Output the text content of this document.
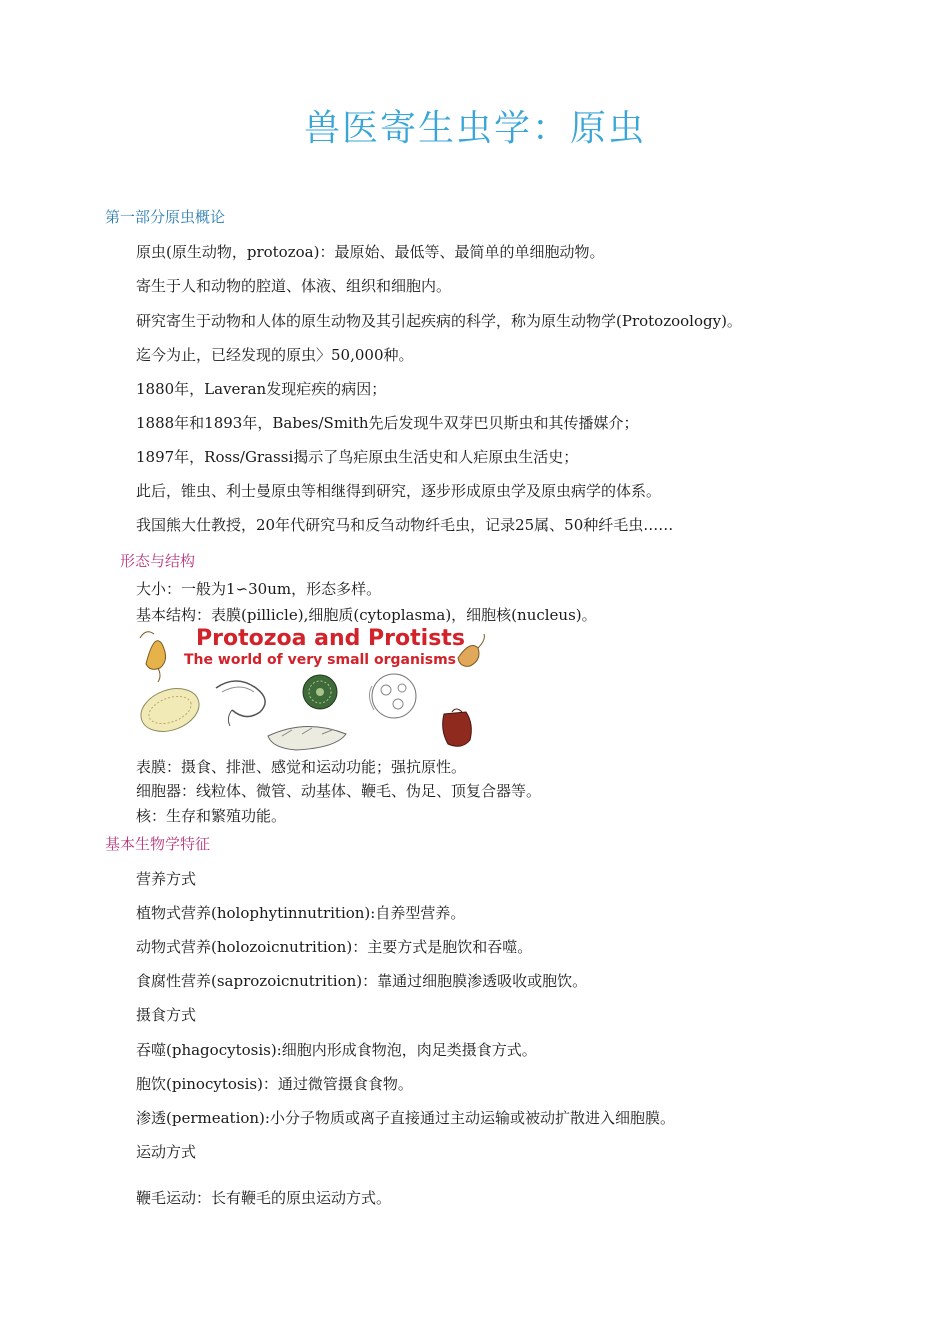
兽医寄生虫学：原虫
第一部分原虫概论
原虫(原生动物，protozoa)：最原始、最低等、最简单的单细胞动物。
寄生于人和动物的腔道、体液、组织和细胞内。
研究寄生于动物和人体的原生动物及其引起疾病的科学，称为原生动物学(Protozoology)。
迄今为止，已经发现的原虫〉50,000种。
1880年，Laveran发现疟疾的病因；
1888年和1893年，Babes/Smith先后发现牛双芽巴贝斯虫和其传播媒介；
1897年，Ross/Grassi揭示了鸟疟原虫生活史和人疟原虫生活史；
此后，锥虫、利士曼原虫等相继得到研究，逐步形成原虫学及原虫病学的体系。
我国熊大仕教授，20年代研究马和反刍动物纤毛虫，记录25属、50种纤毛虫……
形态与结构
大小：一般为1∽30um，形态多样。
基本结构：表膜(pillicle),细胞质(cytoplasma)，细胞核(nucleus)。
Protozoa and Protists
The world of very small organisms
表膜：摄食、排泄、感觉和运动功能；强抗原性。
细胞器：线粒体、微管、动基体、鞭毛、伪足、顶复合器等。
核：生存和繁殖功能。
基本生物学特征
营养方式
植物式营养(holophytinnutrition):自养型营养。
动物式营养(holozoicnutrition)：主要方式是胞饮和吞噬。
食腐性营养(saprozoicnutrition)：靠通过细胞膜渗透吸收或胞饮。
摄食方式
吞噬(phagocytosis):细胞内形成食物泡，肉足类摄食方式。
胞饮(pinocytosis)：通过微管摄食食物。
渗透(permeation):小分子物质或离子直接通过主动运输或被动扩散进入细胞膜。
运动方式
鞭毛运动：长有鞭毛的原虫运动方式。
